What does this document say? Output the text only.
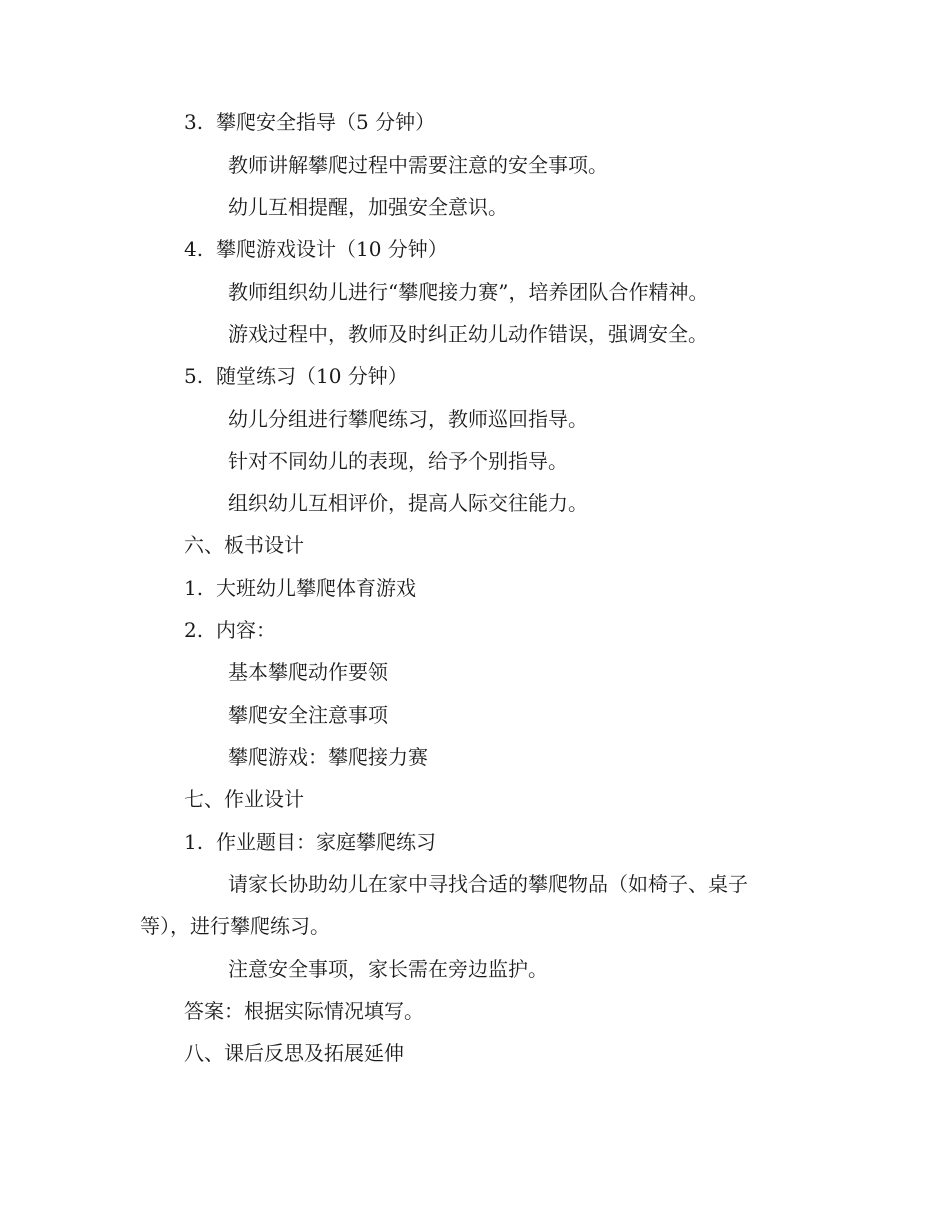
3. 攀爬安全指导（5 分钟）
教师讲解攀爬过程中需要注意的安全事项。
幼儿互相提醒，加强安全意识。
4. 攀爬游戏设计（10 分钟）
教师组织幼儿进行“攀爬接力赛”，培养团队合作精神。
游戏过程中，教师及时纠正幼儿动作错误，强调安全。
5. 随堂练习（10 分钟）
幼儿分组进行攀爬练习，教师巡回指导。
针对不同幼儿的表现，给予个别指导。
组织幼儿互相评价，提高人际交往能力。
六、板书设计
1. 大班幼儿攀爬体育游戏
2. 内容：
基本攀爬动作要领
攀爬安全注意事项
攀爬游戏：攀爬接力赛
七、作业设计
1. 作业题目：家庭攀爬练习
请家长协助幼儿在家中寻找合适的攀爬物品（如椅子、桌子
等），进行攀爬练习。
注意安全事项，家长需在旁边监护。
答案：根据实际情况填写。
八、课后反思及拓展延伸
